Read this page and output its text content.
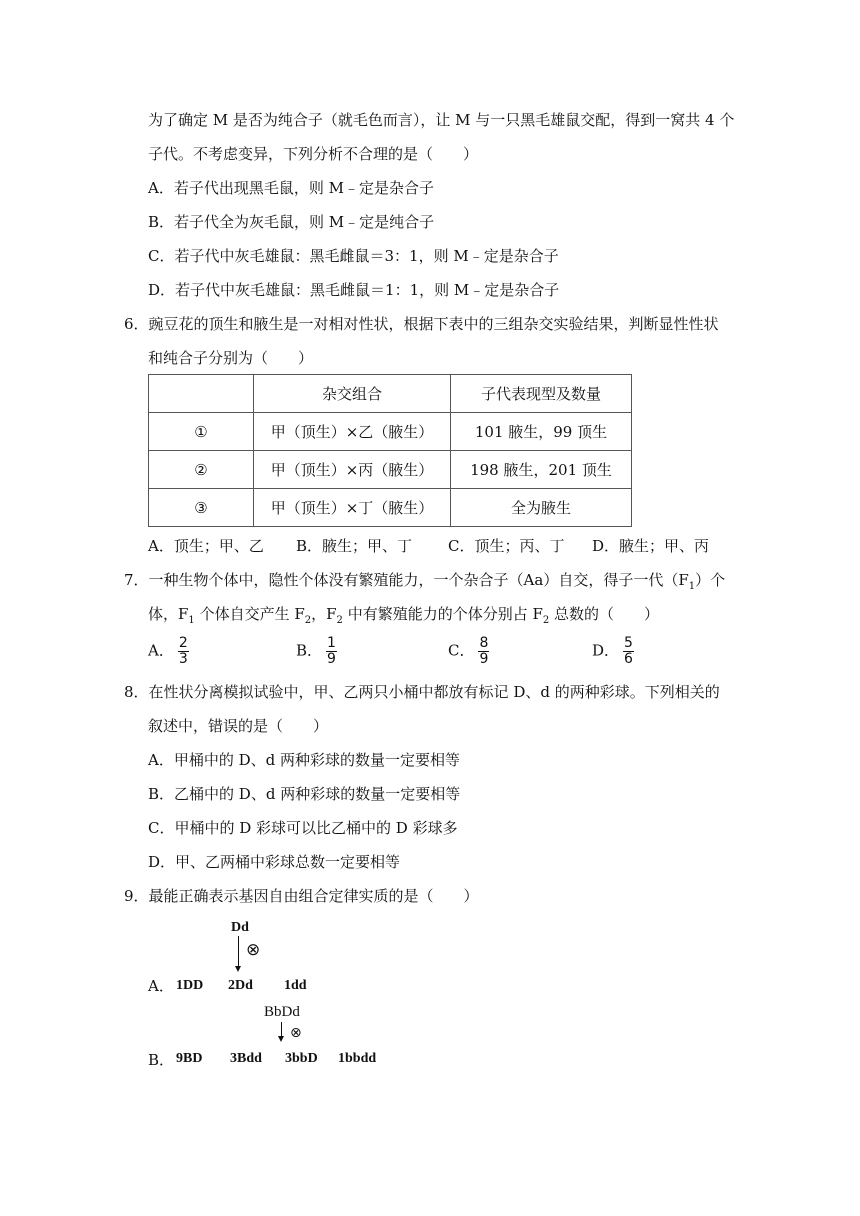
为了确定 M 是否为纯合子（就毛色而言），让 M 与一只黑毛雄鼠交配，得到一窝共 4 个
子代。不考虑变异，下列分析不合理的是（　　）
A．若子代出现黑毛鼠，则 M﹣定是杂合子
B．若子代全为灰毛鼠，则 M﹣定是纯合子
C．若子代中灰毛雄鼠：黑毛雌鼠＝3：1，则 M﹣定是杂合子
D．若子代中灰毛雄鼠：黑毛雌鼠＝1：1，则 M﹣定是杂合子
6．豌豆花的顶生和腋生是一对相对性状，根据下表中的三组杂交实验结果，判断显性性状
和纯合子分别为（　　）
	杂交组合	子代表现型及数量
①	甲（顶生）×乙（腋生）	101 腋生，99 顶生
②	甲（顶生）×丙（腋生）	198 腋生，201 顶生
③	甲（顶生）×丁（腋生）	全为腋生
A．顶生；甲、乙 B．腋生；甲、丁 C．顶生；丙、丁 D．腋生；甲、丙
7．一种生物个体中，隐性个体没有繁殖能力，一个杂合子（Aa）自交，得子一代$(F_1)$个
体，$F_1$ 个体自交产生 $F_2$，$F_2$ 中有繁殖能力的个体分别占 $F_2$ 总数的（　　）
A． $\frac{2}{3}$	B． $\frac{1}{9}$	C． $\frac{8}{9}$	D． $\frac{5}{6}$
8．在性状分离模拟试验中，甲、乙两只小桶中都放有标记 D、d 的两种彩球。下列相关的
叙述中，错误的是（　　）
A．甲桶中的 D、d 两种彩球的数量一定要相等
B．乙桶中的 D、d 两种彩球的数量一定要相等
C．甲桶中的 D 彩球可以比乙桶中的 D 彩球多
D．甲、乙两桶中彩球总数一定要相等
9．最能正确表示基因自由组合定律实质的是（　　）
Dd
⊗
A． 1DD 2Dd 1dd
BbDd
⊗
B． 9BD 3Bdd 3bbD 1bbdd
